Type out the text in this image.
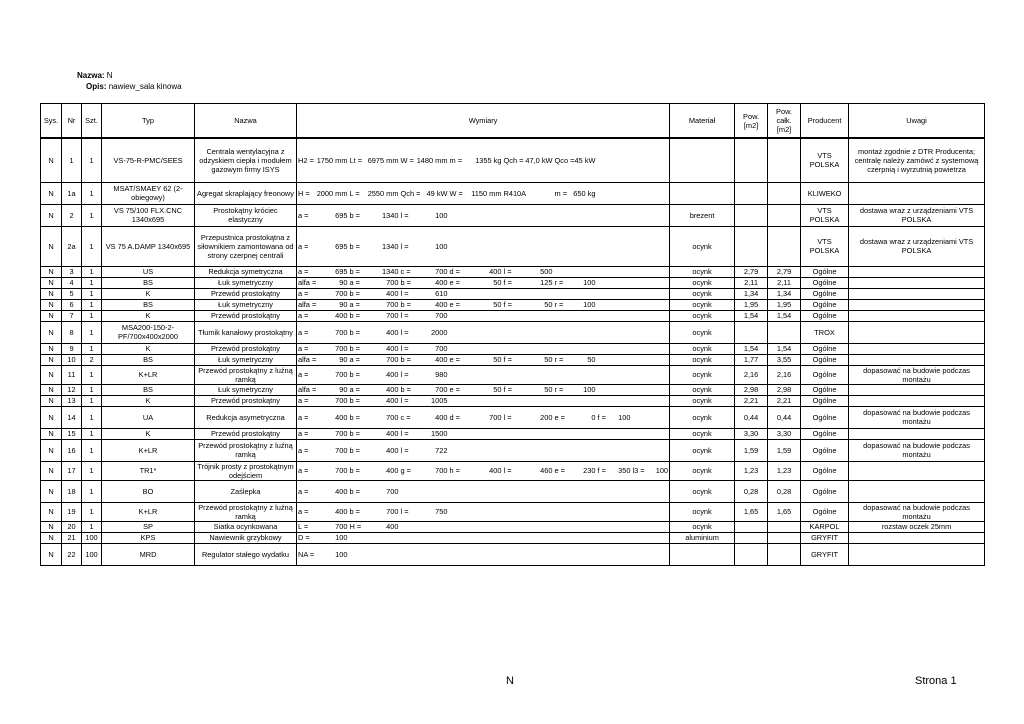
Nazwa: N
Opis: nawiew_sala kinowa
Sys.	Nr	Szt.	Typ	Nazwa	Wymiary								Materiał	Pow. [m2]	Pow. całk. [m2]	Producent	Uwagi
N	1	1	VS-75-R-PMC/SEES	Centrala wentylacyjna z odzyskiem ciepła i modułem gazowym firmy ISYS	H2 = 1750 mm	Lt = 6975 mm	W = 1480 mm	m = 1355 kg	Qch = 47,0 kW	Qco = 45 kW						VTS POLSKA	montaż zgodnie z DTR Producenta; centralę należy zamówć z systemową czerpnią i wyrzutnią powietrza
N	1a	1	MSAT/SMAEY 62 (2-obiegowy)	Agregat skraplający freonowy	H = 2000 mm	L = 2550 mm	Qch = 49 kW	W = 1150 mm	R410A	m = 650 kg						KLIWEKO	
N	2	1	VS 75/100 FLX.CNC 1340x695	Prostokątny króciec elastyczny	a = 695	b = 1340	l = 100						brezent			VTS POLSKA	dostawa wraz z urządzeniami VTS POLSKA
N	2a	1	VS 75 A.DAMP 1340x695	Przepustnica prostokątna z siłownikiem zamontowana od strony czerpnej centrali	a = 695	b = 1340	l = 100						ocynk			VTS POLSKA	dostawa wraz z urządzeniami VTS POLSKA
N	3	1	US	Redukcja symetryczna	a = 695	b = 1340	c = 700	d = 400	l = 500				ocynk	2,79	2,79	Ogólne	
N	4	1	BS	Łuk symetryczny	alfa = 90	a = 700	b = 400	e = 50	f = 125	r = 100			ocynk	2,11	2,11	Ogólne	
N	5	1	K	Przewód prostokątny	a = 700	b = 400	l = 610						ocynk	1,34	1,34	Ogólne	
N	6	1	BS	Łuk symetryczny	alfa = 90	a = 700	b = 400	e = 50	f = 50	r = 100			ocynk	1,95	1,95	Ogólne	
N	7	1	K	Przewód prostokątny	a = 400	b = 700	l = 700						ocynk	1,54	1,54	Ogólne	
N	8	1	MSA200-150-2-PF/700x400x2000	Tłumik kanałowy prostokątny	a = 700	b = 400	l = 2000						ocynk			TROX	
N	9	1	K	Przewód prostokątny	a = 700	b = 400	l = 700						ocynk	1,54	1,54	Ogólne	
N	10	2	BS	Łuk symetryczny	alfa = 90	a = 700	b = 400	e = 50	f = 50	r = 50			ocynk	1,77	3,55	Ogólne	
N	11	1	K+LR	Przewód prostokątny z luźną ramką	a = 700	b = 400	l = 980						ocynk	2,16	2,16	Ogólne	dopasować na budowie podczas montażu
N	12	1	BS	Łuk symetryczny	alfa = 90	a = 400	b = 700	e = 50	f = 50	r = 100			ocynk	2,98	2,98	Ogólne	
N	13	1	K	Przewód prostokątny	a = 700	b = 400	l = 1005						ocynk	2,21	2,21	Ogólne	
N	14	1	UA	Redukcja asymetryczna	a = 400	b = 700	c = 400	d = 700	l = 200	e = 0	f = 100		ocynk	0,44	0,44	Ogólne	dopasować na budowie podczas montażu
N	15	1	K	Przewód prostokątny	a = 700	b = 400	l = 1500						ocynk	3,30	3,30	Ogólne	
N	16	1	K+LR	Przewód prostokątny z luźną ramką	a = 700	b = 400	l = 722						ocynk	1,59	1,59	Ogólne	dopasować na budowie podczas montażu
N	17	1	TR1*	Trójnik prosty z prostokątnym odejściem	a = 700	b = 400	g = 700	h = 400	l = 460	e = 230	f = 350	l3 = 100	ocynk	1,23	1,23	Ogólne	
N	18	1	BO	Zaślepka	a = 400	b = 700							ocynk	0,28	0,28	Ogólne	
N	19	1	K+LR	Przewód prostokątny z luźną ramką	a = 400	b = 700	l = 750						ocynk	1,65	1,65	Ogólne	dopasować na budowie podczas montażu
N	20	1	SP	Siatka ocynkowana	L = 700	H = 400							ocynk			KARPOL	rozstaw oczek 25mm
N	21	100	KPS	Nawiewnik grzybkowy	D = 100								aluminium			GRYFIT	
N	22	100	MRD	Regulator stałego wydatku	NA = 100											GRYFIT	
N	Strona 1
